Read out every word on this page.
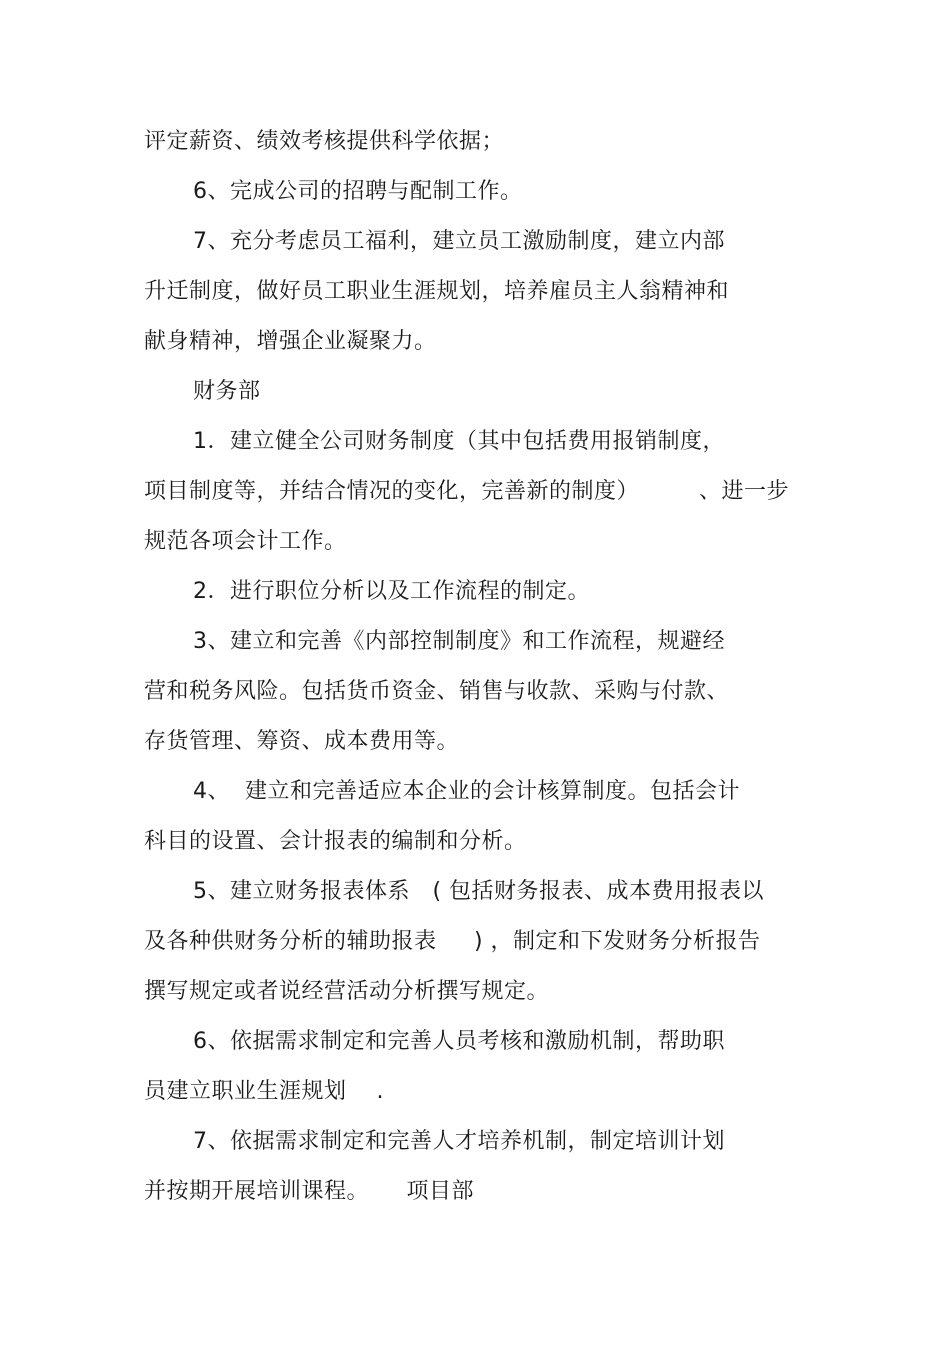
评定薪资、绩效考核提供科学依据；
6、完成公司的招聘与配制工作。
7、充分考虑员工福利，建立员工激励制度，建立内部
升迁制度，做好员工职业生涯规划，培养雇员主人翁精神和
献身精神，增强企业凝聚力。
财务部
1．建立健全公司财务制度（其中包括费用报销制度，
项目制度等，并结合情况的变化，完善新的制度）        、进一步
规范各项会计工作。
2．进行职位分析以及工作流程的制定。
3、建立和完善《内部控制制度》和工作流程，规避经
营和税务风险。包括货币资金、销售与收款、采购与付款、
存货管理、筹资、成本费用等。
4、  建立和完善适应本企业的会计核算制度。包括会计
科目的设置、会计报表的编制和分析。
5、建立财务报表体系   ( 包括财务报表、成本费用报表以
及各种供财务分析的辅助报表     ) ，制定和下发财务分析报告
撰写规定或者说经营活动分析撰写规定。
6、依据需求制定和完善人员考核和激励机制，帮助职
员建立职业生涯规划    .
7、依据需求制定和完善人才培养机制，制定培训计划
并按期开展培训课程。     项目部
